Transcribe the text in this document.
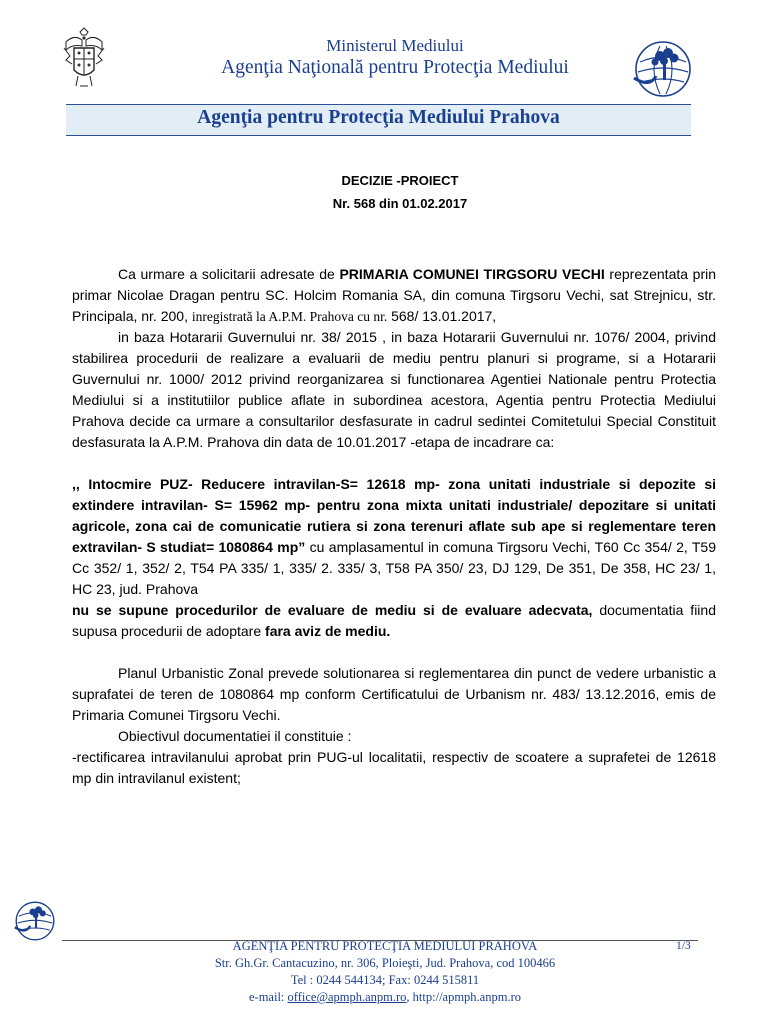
Ministerul Mediului
Agenţia Naţională pentru Protecţia Mediului
Agenţia pentru Protecţia Mediului Prahova
DECIZIE -PROIECT
Nr. 568 din 01.02.2017

Ca urmare a solicitarii adresate de PRIMARIA COMUNEI TIRGSORU VECHI reprezentata prin primar Nicolae Dragan pentru SC. Holcim Romania SA, din comuna Tirgsoru Vechi, sat Strejnicu, str. Principala, nr. 200, inregistrată la A.P.M. Prahova cu nr. 568/ 13.01.2017,

in baza Hotararii Guvernului nr. 38/ 2015 , in baza Hotararii Guvernului nr. 1076/ 2004, privind stabilirea procedurii de realizare a evaluarii de mediu pentru planuri si programe, si a Hotararii Guvernului nr. 1000/ 2012 privind reorganizarea si functionarea Agentiei Nationale pentru Protectia Mediului si a institutiilor publice aflate in subordinea acestora, Agentia pentru Protectia Mediului Prahova decide ca urmare a consultarilor desfasurate in cadrul sedintei Comitetului Special Constituit desfasurata la A.P.M. Prahova din data de 10.01.2017 -etapa de incadrare ca:

,, Intocmire PUZ- Reducere intravilan-S= 12618 mp- zona unitati industriale si depozite si extindere intravilan- S= 15962 mp- pentru zona mixta unitati industriale/ depozitare si unitati agricole, zona cai de comunicatie rutiera si zona terenuri aflate sub ape si reglementare teren extravilan- S studiat= 1080864 mp” cu amplasamentul in comuna Tirgsoru Vechi, T60 Cc 354/ 2, T59 Cc 352/ 1, 352/ 2, T54 PA 335/ 1, 335/ 2. 335/ 3, T58 PA 350/ 23, DJ 129, De 351, De 358, HC 23/ 1, HC 23, jud. Prahova

nu se supune procedurilor de evaluare de mediu si de evaluare adecvata, documentatia fiind supusa procedurii de adoptare fara aviz de mediu.

Planul Urbanistic Zonal prevede solutionarea si reglementarea din punct de vedere urbanistic a suprafatei de teren de 1080864 mp conform Certificatului de Urbanism nr. 483/ 13.12.2016, emis de Primaria Comunei Tirgsoru Vechi.

Obiectivul documentatiei il constituie :

-rectificarea intravilanului aprobat prin PUG-ul localitatii, respectiv de scoatere a suprafetei de 12618 mp din intravilanul existent;

AGENŢIA PENTRU PROTECŢIA MEDIULUI PRAHOVA	1/3
Str. Gh.Gr. Cantacuzino, nr. 306, Ploieşti, Jud. Prahova, cod 100466
Tel : 0244 544134; Fax: 0244 515811
e-mail: office@apmph.anpm.ro, http://apmph.anpm.ro
